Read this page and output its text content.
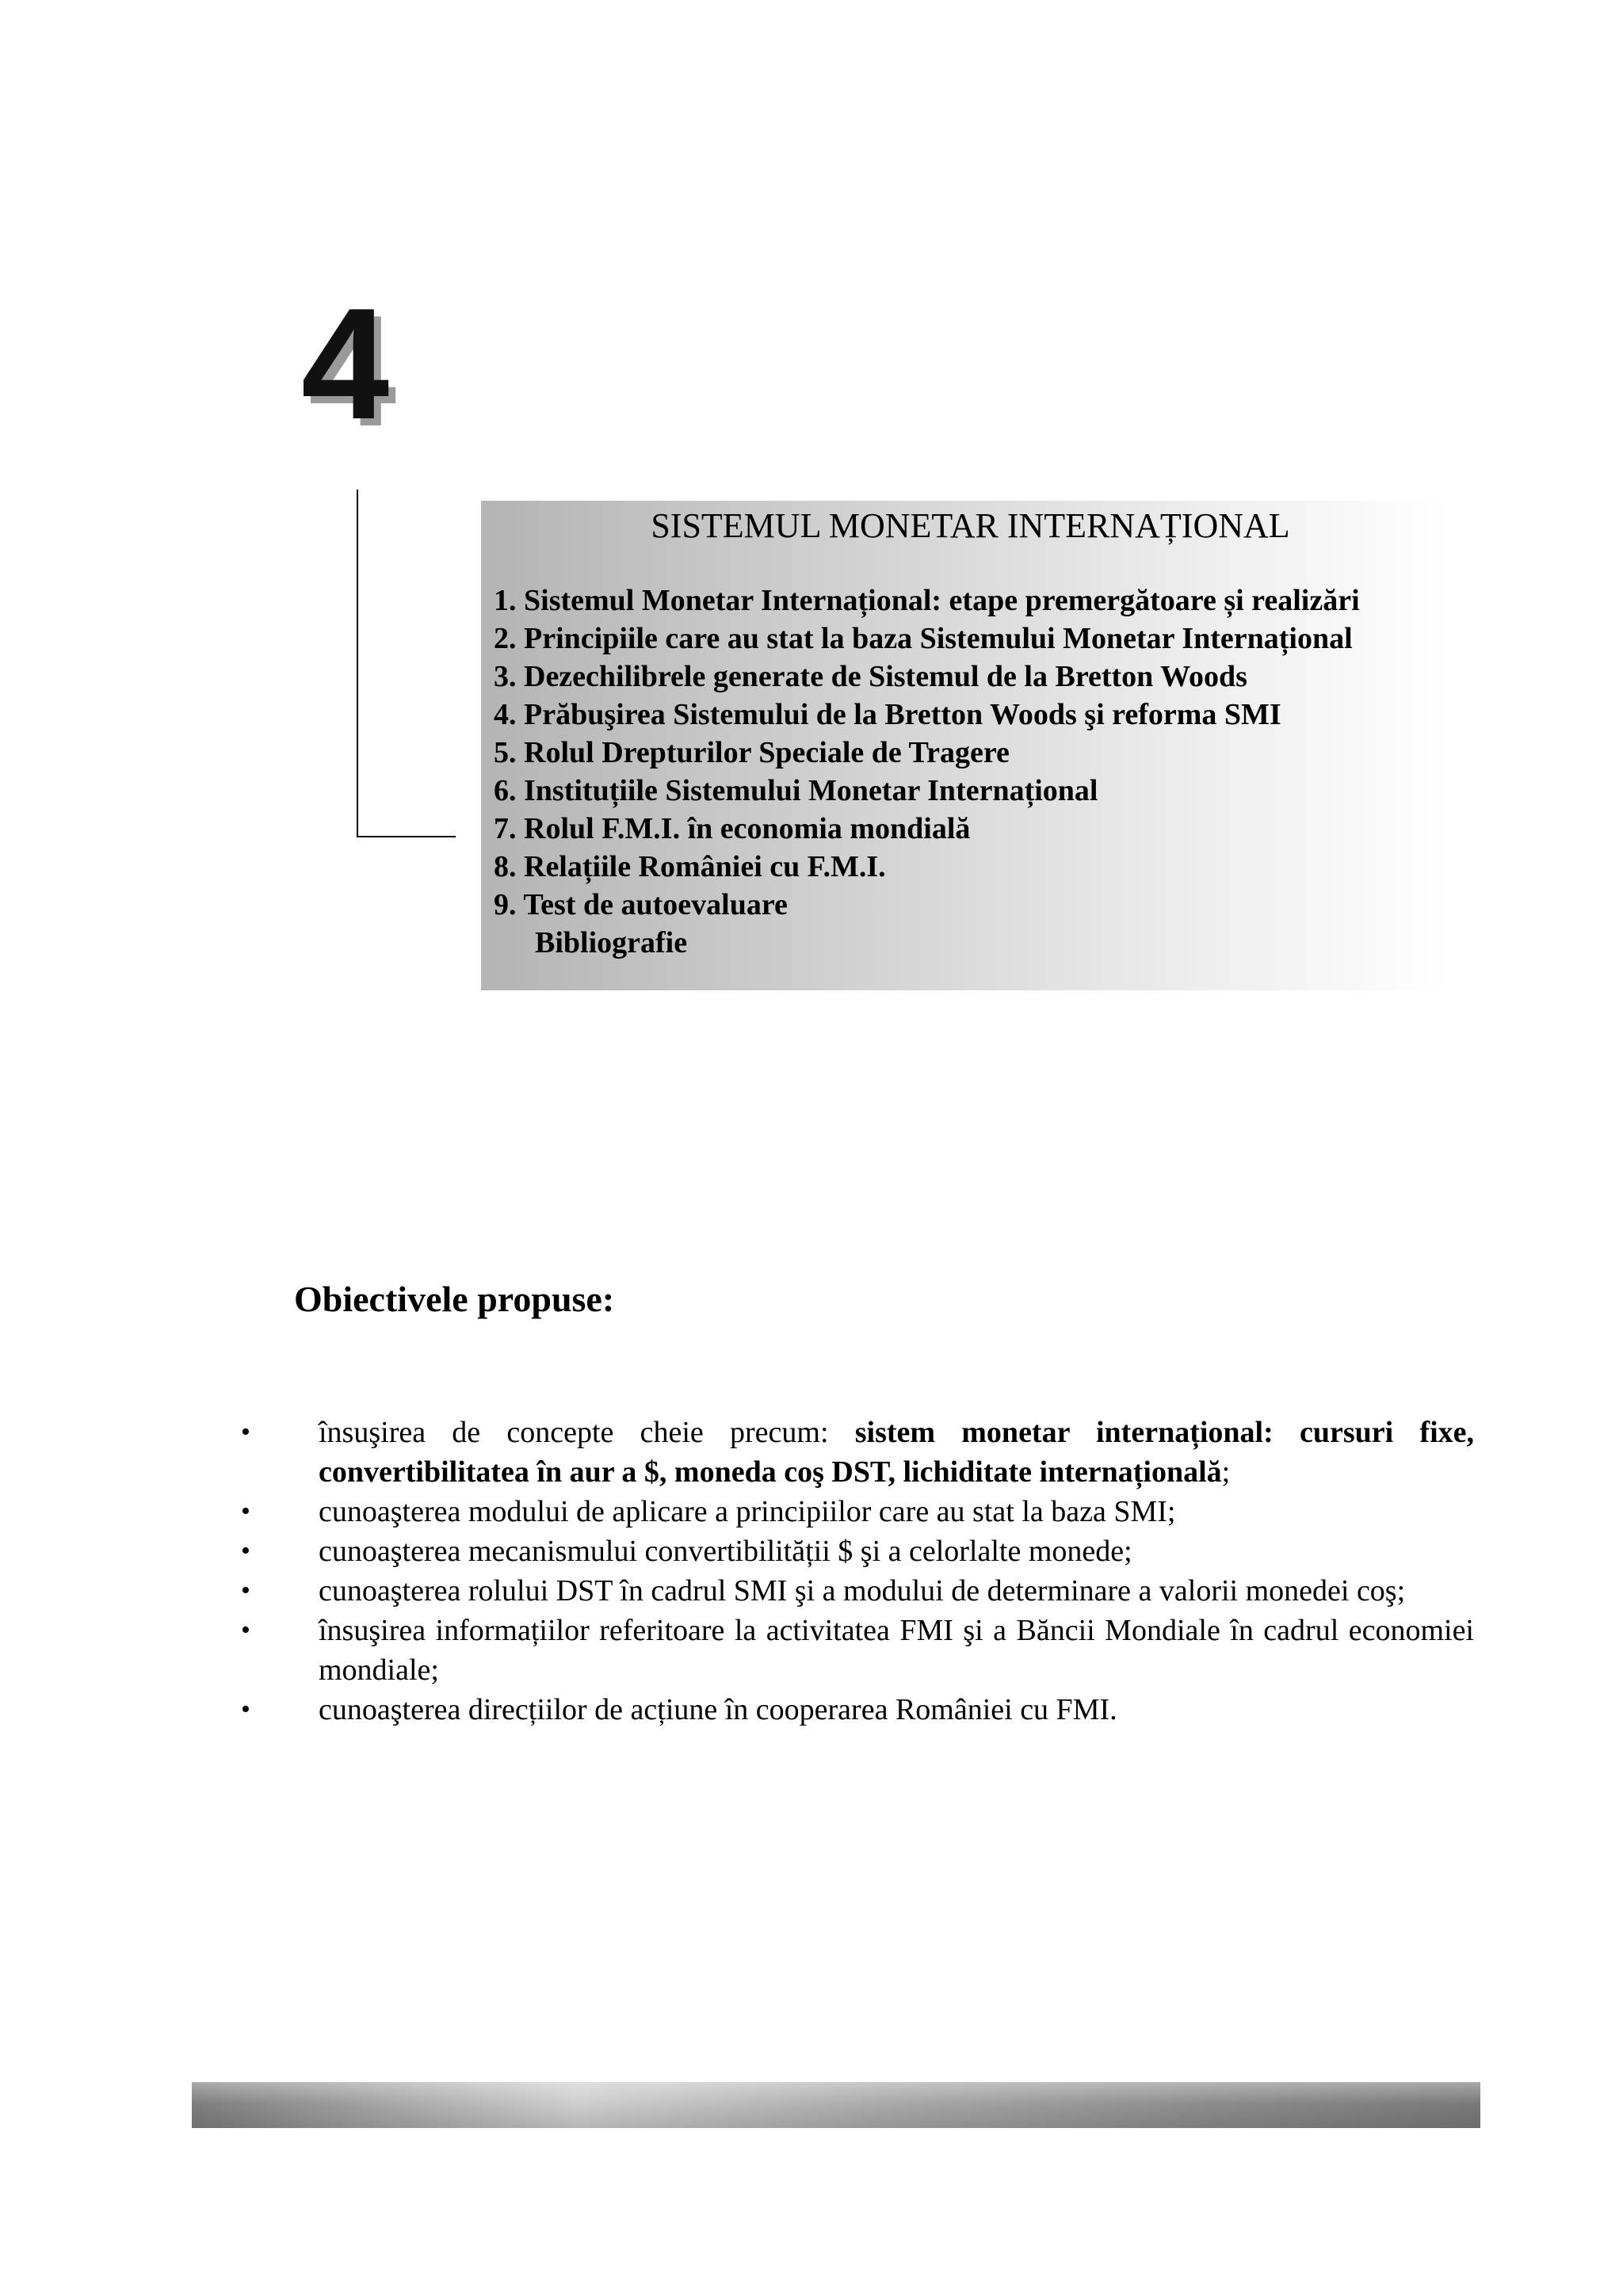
4
SISTEMUL MONETAR INTERNAȚIONAL
1. Sistemul Monetar Internațional: etape premergătoare și realizări
2. Principiile care au stat la baza Sistemului Monetar Internațional
3. Dezechilibrele generate de Sistemul de la Bretton Woods
4. Prăbuşirea Sistemului de la Bretton Woods şi reforma SMI
5. Rolul Drepturilor Speciale de Tragere
6. Instituțiile Sistemului Monetar Internațional
7. Rolul F.M.I. în economia mondială
8. Relațiile României cu F.M.I.
9. Test de autoevaluare
Bibliografie
Obiectivele propuse:
• însuşirea de concepte cheie precum: sistem monetar internațional: cursuri fixe, convertibilitatea în aur a $, moneda coş DST, lichiditate internațională;
• cunoaşterea modului de aplicare a principiilor care au stat la baza SMI;
• cunoaşterea mecanismului convertibilității $ şi a celorlalte monede;
• cunoaşterea rolului DST în cadrul SMI şi a modului de determinare a valorii monedei coş;
• însuşirea informațiilor referitoare la activitatea FMI şi a Băncii Mondiale în cadrul economiei mondiale;
• cunoaşterea direcțiilor de acțiune în cooperarea României cu FMI.
